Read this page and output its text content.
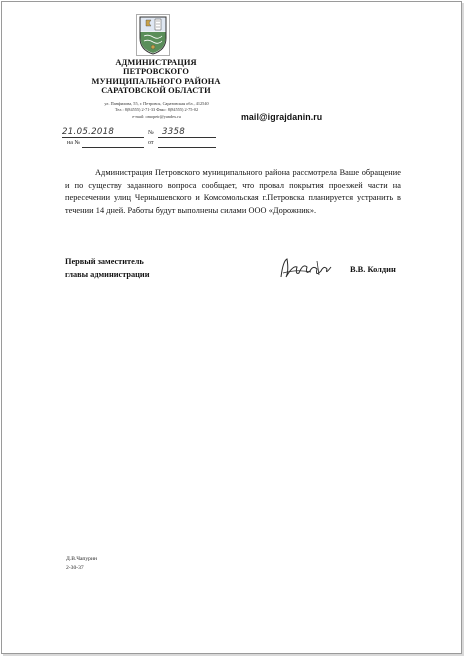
АДМИНИСТРАЦИЯ
ПЕТРОВСКОГО
МУНИЦИПАЛЬНОГО РАЙОНА
САРАТОВСКОЙ ОБЛАСТИ
ул. Панфилова, 55, г. Петровск, Саратовская обл., 412540
Тел.: 8(84555) 2-71-33 Факс: 8(84555) 2-75-02
e-mail: omopetr@yandex.ru	mail@igrajdanin.ru
21.05.2018	№ 3358
на №	от
Администрация Петровского муниципального района рассмотрела Ваше обращение и по существу заданного вопроса сообщает, что провал покрытия проезжей части на пересечении улиц Чернышевского и Комсомольская г.Петровска планируется устранить в течении 14 дней. Работы будут выполнены силами ООО «Дорожник».
Первый заместитель
главы администрации
В.В. Колдин
Д.В.Чапурин
2-30-37
